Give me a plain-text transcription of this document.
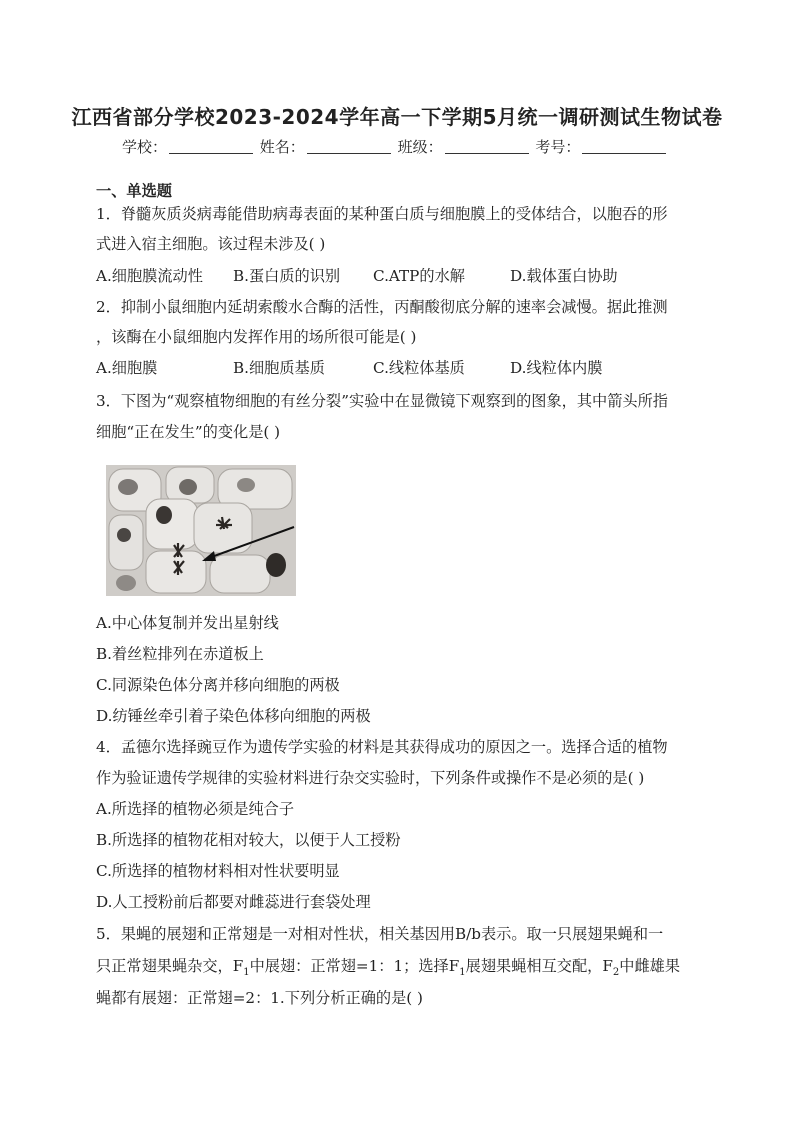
江西省部分学校2023-2024学年高一下学期5月统一调研测试生物试卷
学校：	姓名：	班级：	考号：
一、单选题
1．脊髓灰质炎病毒能借助病毒表面的某种蛋白质与细胞膜上的受体结合，以胞吞的形
式进入宿主细胞。该过程未涉及( )
A.细胞膜流动性 B.蛋白质的识别 C.ATP的水解	D.载体蛋白协助
2．抑制小鼠细胞内延胡索酸水合酶的活性，丙酮酸彻底分解的速率会减慢。据此推测
，该酶在小鼠细胞内发挥作用的场所很可能是( )
A.细胞膜	B.细胞质基质	C.线粒体基质	D.线粒体内膜
3．下图为“观察植物细胞的有丝分裂”实验中在显微镜下观察到的图象，其中箭头所指
细胞“正在发生”的变化是( )
A.中心体复制并发出星射线
B.着丝粒排列在赤道板上
C.同源染色体分离并移向细胞的两极
D.纺锤丝牵引着子染色体移向细胞的两极
4．孟德尔选择豌豆作为遗传学实验的材料是其获得成功的原因之一。选择合适的植物
作为验证遗传学规律的实验材料进行杂交实验时，下列条件或操作不是必须的是( )
A.所选择的植物必须是纯合子
B.所选择的植物花相对较大，以便于人工授粉
C.所选择的植物材料相对性状要明显
D.人工授粉前后都要对雌蕊进行套袋处理
5．果蝇的展翅和正常翅是一对相对性状，相关基因用B/b表示。取一只展翅果蝇和一
只正常翅果蝇杂交，$F_1$中展翅：正常翅=1：1；选择$F_1$展翅果蝇相互交配，$F_2$中雌雄果
蝇都有展翅：正常翅=2：1.下列分析正确的是( )
